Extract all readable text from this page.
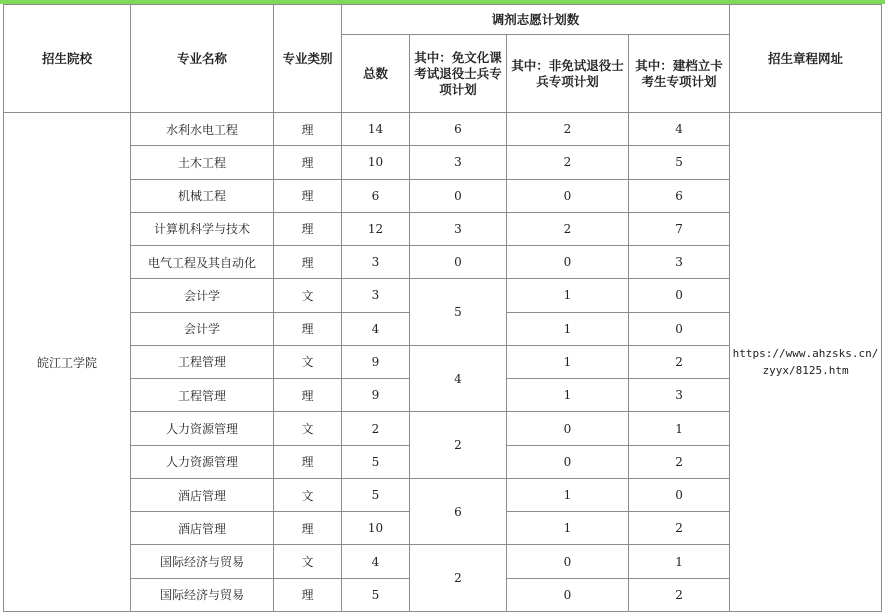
招生院校	专业名称	专业类别	调剂志愿计划数				招生章程网址
			总数	其中：免文化课考试退役士兵专项计划	其中：非免试退役士兵专项计划	其中：建档立卡考生专项计划	
皖江工学院	水利水电工程	理	14	6	2	4	https://www.ahzsks.cn/zyyx/8125.htm
	土木工程	理	10	3	2	5	
	机械工程	理	6	0	0	6	
	计算机科学与技术	理	12	3	2	7	
	电气工程及其自动化	理	3	0	0	3	
	会计学	文	3	5	1	0	
	会计学	理	4		1	0	
	工程管理	文	9	4	1	2	
	工程管理	理	9		1	3	
	人力资源管理	文	2	2	0	1	
	人力资源管理	理	5		0	2	
	酒店管理	文	5	6	1	0	
	酒店管理	理	10		1	2	
	国际经济与贸易	文	4	2	0	1	
	国际经济与贸易	理	5		0	2	
